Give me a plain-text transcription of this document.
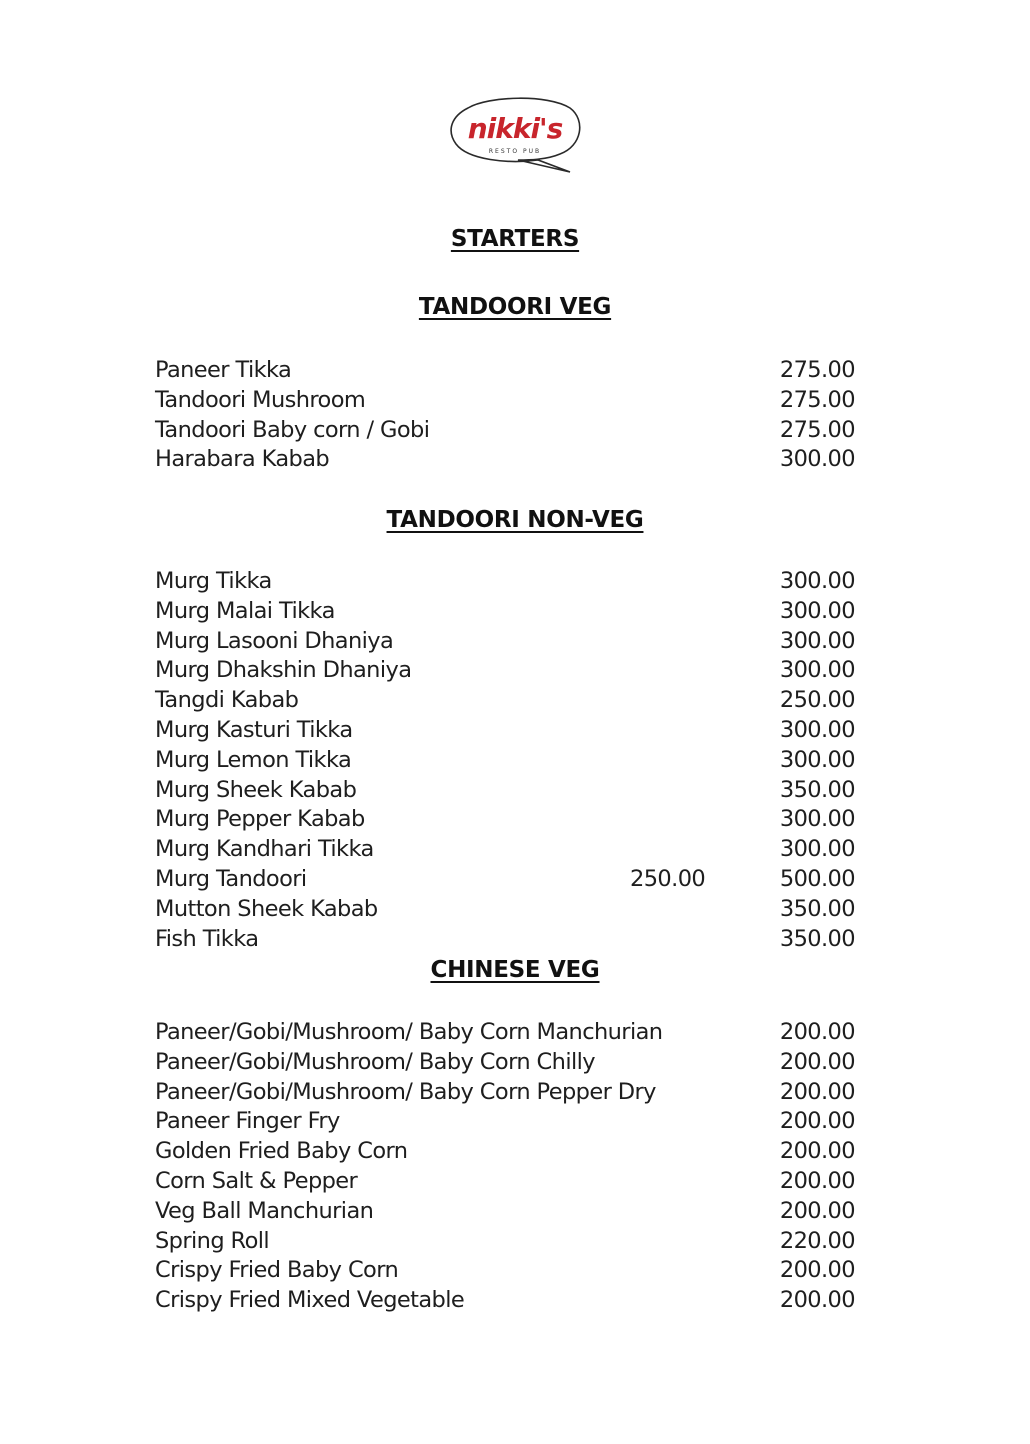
nikki's
RESTO PUB
STARTERS
TANDOORI VEG
Paneer Tikka	275.00
Tandoori Mushroom	275.00
Tandoori Baby corn / Gobi	275.00
Harabara Kabab	300.00
TANDOORI NON-VEG
Murg Tikka	300.00
Murg Malai Tikka	300.00
Murg Lasooni Dhaniya	300.00
Murg Dhakshin Dhaniya	300.00
Tangdi Kabab	250.00
Murg Kasturi Tikka	300.00
Murg Lemon Tikka	300.00
Murg Sheek Kabab	350.00
Murg Pepper Kabab	300.00
Murg Kandhari Tikka	300.00
Murg Tandoori	250.00	500.00
Mutton Sheek Kabab	350.00
Fish Tikka	350.00
CHINESE VEG
Paneer/Gobi/Mushroom/ Baby Corn Manchurian	200.00
Paneer/Gobi/Mushroom/ Baby Corn Chilly	200.00
Paneer/Gobi/Mushroom/ Baby Corn Pepper Dry	200.00
Paneer Finger Fry	200.00
Golden Fried Baby Corn	200.00
Corn Salt & Pepper	200.00
Veg Ball Manchurian	200.00
Spring Roll	220.00
Crispy Fried Baby Corn	200.00
Crispy Fried Mixed Vegetable	200.00
